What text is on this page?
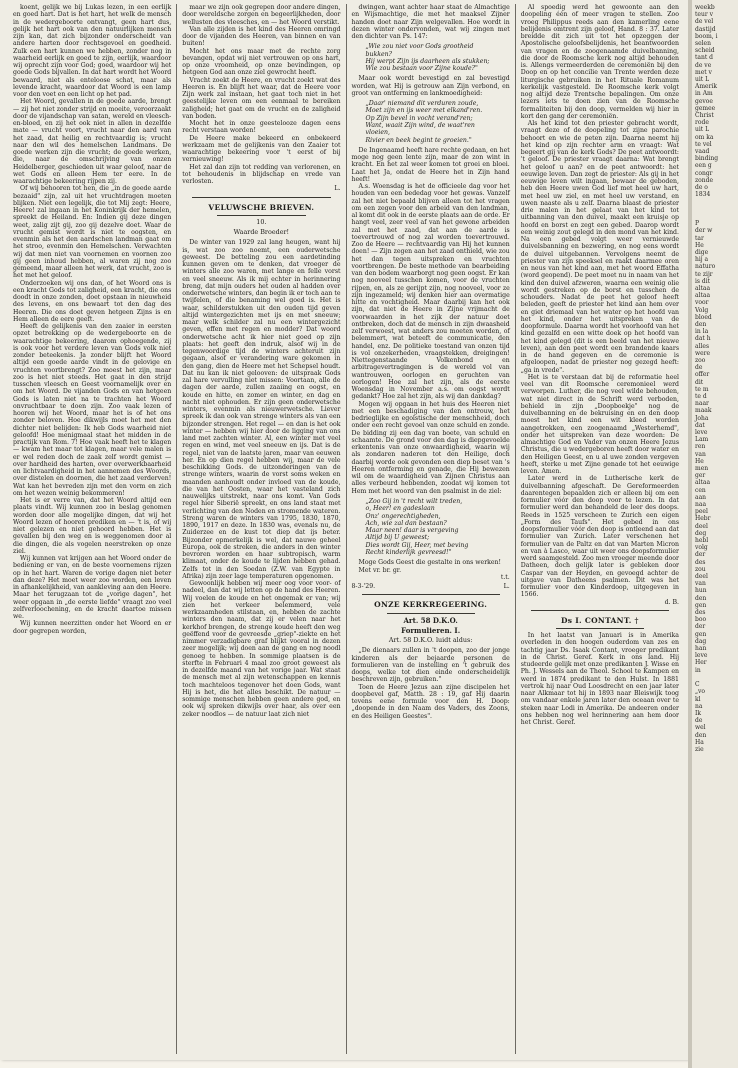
koent, gelijk we bij Lukas lezen, in een eerlijk en goed hart. Dat is het hart, het welk de mensch in de wedergeboorte ontvangt, geen hart dus, gelijk het hart ook van den natuurlijken mensch zijn kan, dat zich bijzonder onderscheidt van andere harten door rechtsgevoel en goedheid. Zulk een hart kunnen we hebben, zonder nog in waarheid eerlijk en goed te zijn, eerlijk, waardoor wij oprecht zijn voor God; goed, waardoor wij het goede Gods bijvallen. In dat hart wordt het Woord bewaard, niet als enteloose schat, maar als levende kracht, waardoor dat Woord is een lamp voor den voet en een licht op het pad.

Het Woord, gevallen in de goede aarde, brengt — zij het niet zonder strijd en moeite, veroorzaakt door de vijandschap van satan, wereld en vleesch-en-bloed, en zij het ook niet in allen in dezelfde mate — vrucht voort, vrucht naar den aard van het zaad, dat heilig en rechtvaardig is; vrucht naar den wil des hemelschen Landmans. De goede werken zijn die vrucht; de goede werken, die, naar de omschrijving van onzen Heidelberger, geschieden uit waar geloof, naar de wet Gods en alleen Hem ter eere. In de waarachtige bekeering rijpen zij.

Of wij behooren tot hen, die „in de goede aarde bezaaid" zijn, zal uit het vruchtdragen moeten blijken. Niet een legelijk, die tot Mij zegt: Heere, Heere! zal ingaan in het Koninkrijk der hemelen, spreekt de Heiland. En: Indien gij deze dingen weet, zalig zijt gij, zoo gij dezelve doet. Waar de vrucht gemist wordt is niet te oogsten, en evenmin als het den aardschen landman gaat om het stroo, evenmin den Hemelschen. Verwachten wij dat men niet van voornemen en voornen zoo gij geen inhoud hebben, al waren zij nog zoo gemeend, maar alleen het werk, dat vrucht, zoo is het met het geloof.

Onderzoeken wij ons dan, of het Woord ons is een kracht Gods tot zaligheid, een kracht, die ons doodt in onze zonden, doet opstaan in nieuwheid des levens, en ons bewaart tot den dag des Heeren. Die ons doet geven hetgeen Zijns is en Hem alleen de eere geeft.

Heeft de gelijkenis van den zaaier in eersten opzet betrekking op de wedergeboorte en de waarachtige bekeering, daarom ophoegende, zij is ook voor het verdere leven van Gods volk niet zonder beteekenis. Ja zonder blijft het Woord altijd een goede aarde vindt in de gelovige en vruchten voortbrengt? Zoo moest het zijn, maar zoo is het niet steeds. Het gaat in den strijd tusschen vleesch en Geest voornamelijk over en om het Woord. De vijanden Gods en van hetgeen Gods is laten niet na te trachten het Woord onvruchtbaar te doen zijn. Zoo vaak lezen of hooren wij het Woord, maar het is of het ons zonder beloven. Hoe dikwijls moet het met den dichter niet belijden: Ik heb Gods waarheid niet geloofd! Hoe menigmaal staat het midden in de practijk van Rom. 7! Hoe vaak heeft het te klagen — kwam het maar tot klagen, maar vele malen is er wel reden doch de zaak zelf wordt gemist — over hardheid des harten, over overwerkbaarheid en lichtvaardigheid in het aannemen des Woords, over distelen en doornen, die het zaad verderven! Wat kan het bevreden zijn met den vorm en zich om het wezen weinig bekommeren!

Het is er verre van, dat het Woord altijd een plaats vindt. Wij kunnen zoo in beslag genomen worden door alle mogelijke dingen, dat wij het Woord lezen of hooren prediken en — 't is, of wij niet gelezen en niet gehoord hebben. Het is gevallen bij den weg en is weggenomen door al die dingen, die als vogelen neerstreken op onze ziel.

Wij kunnen vat krijgen aan het Woord onder de bediening er van, en de beste voornemens rijzen op in het hart. Waren de vorige dagen niet beter dan deze? Het moet weer zoo worden, een leven in afhankelijkheid, van aankleving aan den Heere. Maar het terugzaan tot de „vorige dagen", het weer opgaan in „de eerste liefde" vraagt zoo veel zelfverloochening, en de kracht daartoe missen we.

Wij kunnen neerzitten onder het Woord en er door gegrepen worden,

maar we zijn ook gegrepen door andere dingen, door wereldsche zorgen en begeerlijkheden, door wellusten des vleesches, en — het Woord verstikt.

Van alle zijden is het kind des Heeren omringd door de vijanden des Heeren, van binnen en van buiten!

Mocht het ons maar met de rechte zorg bevangen, opdat wij niet vertrouwen op ons hart, op onze vroomheid, op onze bevindingen, op hetgeen God aan onze ziel gewrocht heeft.

Vracht zoekt de Heere, en vrucht zoekt wat des Heeren is. En blijft het waar, dat de Heere voor Zijn werk zal instaan, het gaat toch niet in het geestelijke leven om een eenmaal te bereiken zaligheid; het gaat om de vrucht en de zaligheid van boden.

Mocht het in onze geestelooze dagen eens recht verstaan worden!

De Heere make bekeerd en onbekeerd werkzaam met de gelijkenis van den Zaaier tot waarachtige bekeering voor 't eerst of bij vernieuwing!

Het zal dan zijn tot redding van verlorenen, en tot behoudenis in blijdschap en vrede van verlosten.

L.
VELUWSCHE BRIEVEN.
10.
Waarde Broeder!

De winter van 1929 zal lang heugen, want hij is, wat zoo zoo noemt, een ouderwetsche geweest. De betteling zou een aardetinding kunnen geven om te denken, dat vroeger de winters alle zoo waren, met lange en felle vorst en veel sneeuw. Als ik mij echter in herinnering breng, dat mijn ouders het ouden al hadden over onderwetsche winters, dan begin ik er toch aan te twijfelen, of die benaming wel goed is. Het is waar, schilderstukken uit den ouden tijd geven altijd wintergezichten met ijs en met sneeuw; maar welk schilder zal nu een wintergezicht geven, effen met regen en modder? Dat woord onderwetsche acht ik hier niet goed op zijn plaats: het geeft den indruk, alsof wij in de tegenwoordige tijd de winters achteruit zijn gegaan, alsof er verandering ware gekomen in den gang, dien de Heere met het Schepsel houdt. Dat nu kan ik niet gelooven: de uitspraak Gods zal hare vervulling niet missen: Voortaan, alle de dagen der aarde, zullen zaaiing en oogst, en koude en hitte, en zomer en winter, en dag en nacht niet ophouden. Er zijn geen onderwetsche winters, evenmin als nieuwerwetsche. Liever spreek ik dan ook van strenge winters als van een bijzonder strengen. Het regel — en dan is het ook winter — hebben wij hier door de ligging van ons land met zachten winter. Al, een winter met veel regen en wind, met veel sneeuw en ijs. Dat is de regel, niet van de laatste jaren, maar van eeuwen her. En op dien regel hebben wij, maar de vele beschikking Gods. de uitzonderingen van de strenge winters, waarin de vorst soms weken en maanden aanhoudt onder invloed van de koude, die van het Oosten, waar het vasteland zich nauwelijks uitstrekt, naar ons komt. Van Gods regel hier Siberië spreekt, en ons land staat met verlichting van den Noden en stromende wateren. Streng waren de winters van 1795, 1830, 1870, 1890, 1917 en deze. In 1830 was, evenals nu, de Zuiderzee en de kust tot diep dat ijs beter. Bijzonder opmerkelijk is wel, dat nauwe geheel Europa, ook de streken, die anders in den winter bevroren worden en haar subtropisch, warm klimaat, onder de koude te lijden hebben gehad. Zelfs tot in den Soedan (Z.W. van Egypte in Afrika) zijn zeer lage temperaturen opgenomen.

Gewoonlijk hebben wij meer oog voor voor- of nadeel, dan dat wij letten op de hand des Heeren. Wij voelen de koude en het ongemak er van; wij zien het verkeer belemmerd, vele werkzaamheden stilstaan, en, hebben de zachte winters den naam, dat zij er velen naar het kerkhof brengen, de strenge koude heeft den weg geëffend voor de gevreesde „griep"-ziekte en het nimmer verzadigbare graf blijkt vooral in dezen zeer mogelijk; wij doen aan de gang en nog noodl genoeg te hebben. In sommige plaatsen is de sterfte in Februari 4 maal zoo groot geweest als in dezelfde maand van het vorige jaar. Wat staat de mensch met al zijn wetenschappen en kennis toch machteloos tegenover het doen Gods, want Hij is het, die het alles beschikt. De natuur — sommige menschen hebben geen andere god, en ook wij spreken dikwijls over haar, als over een zeker noodlos — de natuur laat zich niet

dwingen, want achter haar staat de Almachtige en Wijsmachtige, die met het maaksel Zijner handen doet naar Zijn welgevallen. Hoe wordt in dezen winter ondervonden, wat wij zingen met den dichter van Ps. 147:

„Wie zou niet voor Gods grootheid
bukken?
Hij werpt Zijn ijs daarheen als stukken;
Wie zou bestaan voor Zijne koude?"

Maar ook wordt bevestigd en zal bevestigd worden, wat Hij is getrouw aan Zijn verbond, en groot van ontferming en lankmoedigheid:

„Daar' niemand dit verduren zoude,
Moet zijn en ijs weer met elkand'ren.
Op Zijn bevel in vocht verand'ren;
Want, waait Zijn wind, de waat'ren
vloeien,
Rivier en beek begint te groeien."

De Ingenaamd heeft hare rechte gedaan, en het moge nog geen lente zijn, maar de zon wint in kracht. En het zal weer komen tot groei en bloei. Laat het Ja, ondat de Heere het in Zijn hand heeft!

A.s. Woensdag is het de officieele dag voor het houden van een bededag voor het gewas. Vanzelf zal het niet bepaald blijven alleen tot het vragen om een zegen voor den arbeid van den landman, al komt dit ook in de eerste plaats aan de orde. Er hangt veel, zeer veel af van het gewone arbeiden zal met het zaad, dat aan de aarde is toevertrouwd of nog zal worden toevertrouwd. Zoo de Heere — rechtvaardig van Hij het kunnen doen! — Zijn zegen aan het zaad onthield, wie zou het dan tegen uitspreken en vruchten voortbrengen. De beste methode van bearbeiding van den bodem waarborgt nog geen oogst. Er kan nog nooveel tusschen komen, voor de vruchten rijpen, en, als ze gerijpt zijn, nog nooveel, voor ze zijn ingezameld; wij denken hier aan overmatige hitte en vochtigheid. Maar daarbij kan het ook zijn, dat niet de Heere in Zijne vrijmacht de voorwaarden in het zijk der natuur doet ontbreken, doch dat de mensch in zijn dwaasheid zelf verwoest, wat anders zou moeten worden, of belemmert, wat beteeft de communicatie, den handel, enz. De politieke toestand van onzen tijd is vol onzekerheden, vraagstekken, dreigingen! Niettegenstaande Volkenbond en arbitragevertragingen is de wereld vol van wantrouwen, oorlogen en geruchten van oorlogen! Hoe zal het zijn, als de eerste Woensdag in November a.s. om oogst wordt gedankt? Hoe zal het zijn, als wij dan dankdag?

Mogen wij opgaan in het huis des Heeren niet met een beschadiging van den ontrouw, het bedrieglijke en egoïstische der menschheid, doch onder een recht gevoel van onze schuld en zonde. De bidding zij een dag van boete, van schuld en schaamte. De grond voor den dag is diepgevoelde erkentenis van onze onwaardigheid, waarin wij als zondaren naderen tot den Heilige, doch daarbij worde ook gevonden een diep beset van 's Heeren ontferming en genade, die Hij bewezen wil om de waardigheid van Zijnen Christus aan alles verbeurd hebbenden, zoodat wij komen tot Hem met het woord van den psalmist in de ziel:

„Zoo Gij in 't recht wilt treden,
o, Heer! en gadeslaan
Onz' ongerechtigheden,
Ach, wie zal dan bestaan?
Maar neen! daar is vergeving
Altijd bij U geweest;
Dies wordt Gij, Heer, met beving
Recht kinderlijk gevreesd!"

Moge Gods Geest die gestalte in ons werken!

Met vr. br. gr.

t.t.
8-3-'29.	L.
ONZE KERKREGEERING.
Art. 58 D.K.O.
Formulieren. I.
Art. 58 D.K.O. luidt aldus:

„De dienaars zullen in 't doopen, zoo der jonge kinderen als der bejaarde personen de formulieren van de instelling en 't gebruik des doops, welke tot dien einde onderscheidelijk beschreven zijn, gebruiken."

Toen de Heere Jezus aan zijne discipelen het doopbevel gaf, Matth. 28 : 19, gaf Hij daarin tevens eene formule voor den H. Doop: „doopende in den Naam des Vaders, des Zoons, en des Heiligen Geestes".

Al spoedig werd het gewoonte aan den doopeling één of meer vragen te stellen. Zoo vroeg Philippus reeds aan den kamerling eene belijdenis omtrent zijn geloof, Hand. 8 : 37. Later breidde dit zich uit tot het opzeggen der Apostolische geloofsbelijdenis, het beantwoorden van vragen en de zoogenaamde duivelbanning, die door de Roomsche kerk nog altijd behouden is. Allengs vermeerderden de ceremoniën bij den Doop en op het concilie van Trente werden deze liturgische gebruiken in het Rituale Romanum kerkelijk vastgesteld. De Roomsche kerk volgt nog altijd deze Trentsche bepalingen. Om onze lezers iets te doen zien van de Roomsche formaliteiten bij den doop, vermelden wij hier in kort den gang der ceremoniën.

Als het kind tot den priester gebracht wordt, vraagt deze of de doopeling tot zijne parochie behoort en wie de peten zijn. Daarna neemt hij het kind op zijn rechter arm en vraagt: Wat begeert gij van de kerk Gods? De peet antwoordt: 't geloof. De priester vraagt daarna: Wat brengt het geloof u aan? en de peet antwoordt: het eeuwige leven. Dan zegt de priester: Als gij in het eeuwige leven wilt ingaan, bewaar de geboden, heb den Heere uwen God lief met heel uw hart, met heel uw ziel, en met heel uw verstand, en uwen naaste als u zelf. Daarna blaast de priester drie malen in het gelaat van het kind tot uitbanning van den duivel, maakt een kruisje op hoofd en borst en zegt een gebed. Daarop wordt een weinig zout gelegd in den mond van het kind. Na een gebed volgt weer vernieuwde duivelsbanning en bezwering, en nog eens wordt de duivel uitgebannen. Vervolgens neemt de priester van zijn speeksel en raakt daarmee oren en neus van het kind aan, met het woord Effatha (word geopend). De peet moet nu in naam van het kind den duivel afzweren, waarna een weinig olie wordt gestreken op de borst en tusschen de schouders. Nadat de peet het geloof heeft beleden, geeft de priester het kind aan hem over en giet driemaal van het water op het hoofd van het kind, onder het uitspreken van de doopformule. Daarna wordt het voorhoofd van het kind gezalfd en een witte doek op het hoofd van het kind gelegd (dit is een beeld van het nieuwe leven), aan den peet wordt een brandende kaars in de hand gegeven en de ceremonie is afgeloopen, nadat de priester nog gezegd heeft: „ga in vrede".

Het is te verstaan dat bij de reformatie heel veel van dit Roomsche ceremonieel werd verworpen. Luther, die nog veel wilde behouden, wat niet direct in de Schrift werd verboden, behield in zijn „Doopboekje" nog de duivelbanning en de bekruising en en den doop moest het kind een wit kleed worden aangetrokken, een zoogenaamd „Westerhemd", onder het uitspreken van deze woorden: De almachtige God en Vader van onzen Heere Jezus Christus, die u wedergeboren heeft door water en den Heiligen Geest, en u al uwe zonden vergeven heeft, sterke u met Zijne genade tot het eeuwige leven. Amen.

Later werd in de Lutherische kerk de duivelbanning afgeschaft. De Gereformeerden daarentegen bepaalden zich er alleen bij om een formulier vóór den doop voor te lezen. In dat formulier werd dan behandeld de leer des doops. Reeds in 1525 verscheen te Zurich een eigen „Form des Taufs". Het gebed in ons doopsformulier vóór den doop is ontleend aan dat formulier van Zurich. Later verschenen het formulier van de Paltz en dat van Marten Micron en van à Lasco, waar uit weer ons doopsformulier werd saamgesteld. Zoo men vroeger meende door Datheen, doch gelijk later is gebleken door Caspar van der Heyden, en gevoegd achter de uitgave van Datheens psalmen. Dit was het formulier voor den Kinderdoop, uitgegeven in 1566.

d. B.
Ds I. CONTANT. †

In het laatst van Januari is in Amerika overleden in den hoogen ouderdom van zes en tachtig jaar Ds. Isaak Contant, vroeger predikant in de Christ. Geref. Kerk in ons land. Hij studeerde gelijk met onze predikanten J. Wisse en Ph. J. Wessels aan de Theol. School te Kampen en werd in 1874 predikant te den Hulst. In 1881 vertrok hij naar Oud Loosdrecht en een jaar later naar Alkmaar tot hij in 1893 naar Bleiswijk toog om vandaar enkele jaren later den oceaan over te steken naar Lodi in Amerika. De andeeren onder ons hebben nog wel herinnering aan hem door het Christ. Geref.

weekb

teur v

de vel

dastijd

boom, i

selen

scheid

tant d

de ve

met v

uit L

Amerik

in Am

gevoe

gemee

Christ

rode

uit L

om ka

te vel

vaad

binding

een g

congr

zonde

de o

1834

P

der w

tar

He

dige

hij a

naturo

te zijr

is dit

altaa

altaa

voor

Volg

bloed

den

in la

dat h

alles

were

zoo

de

offer

dit

te m

te d

naar

maak

Joha

dat

leve

Lam

ren

van

He

men

ger

altaa

cen

aan

naa

peel

Hebr

deel

deg

hebl

volg

der

des

zou

deel

van

hun

den

gen

des

boo

der

gen

dag

han

leve

Her

in

C

„vo

kl

na

Ik

de

wel

den

Ha

zie
